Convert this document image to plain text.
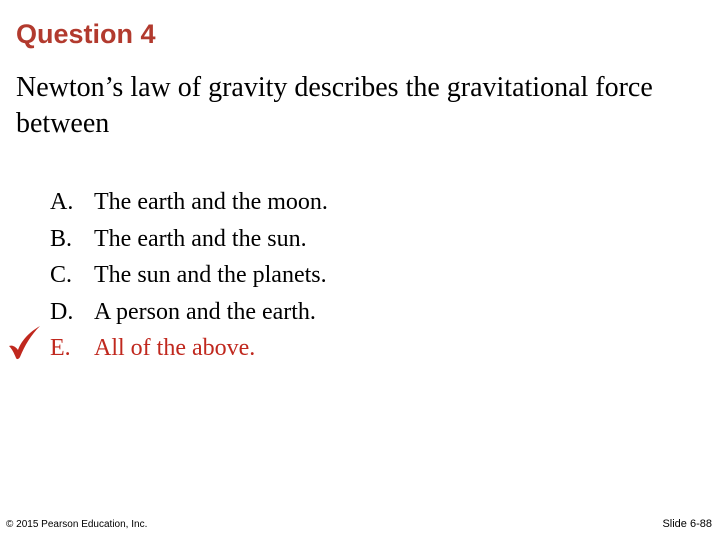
Question 4
Newton’s law of gravity describes the gravitational force between
A. The earth and the moon.
B. The earth and the sun.
C. The sun and the planets.
D. A person and the earth.
E. All of the above.
© 2015 Pearson Education, Inc.	Slide 6-88
